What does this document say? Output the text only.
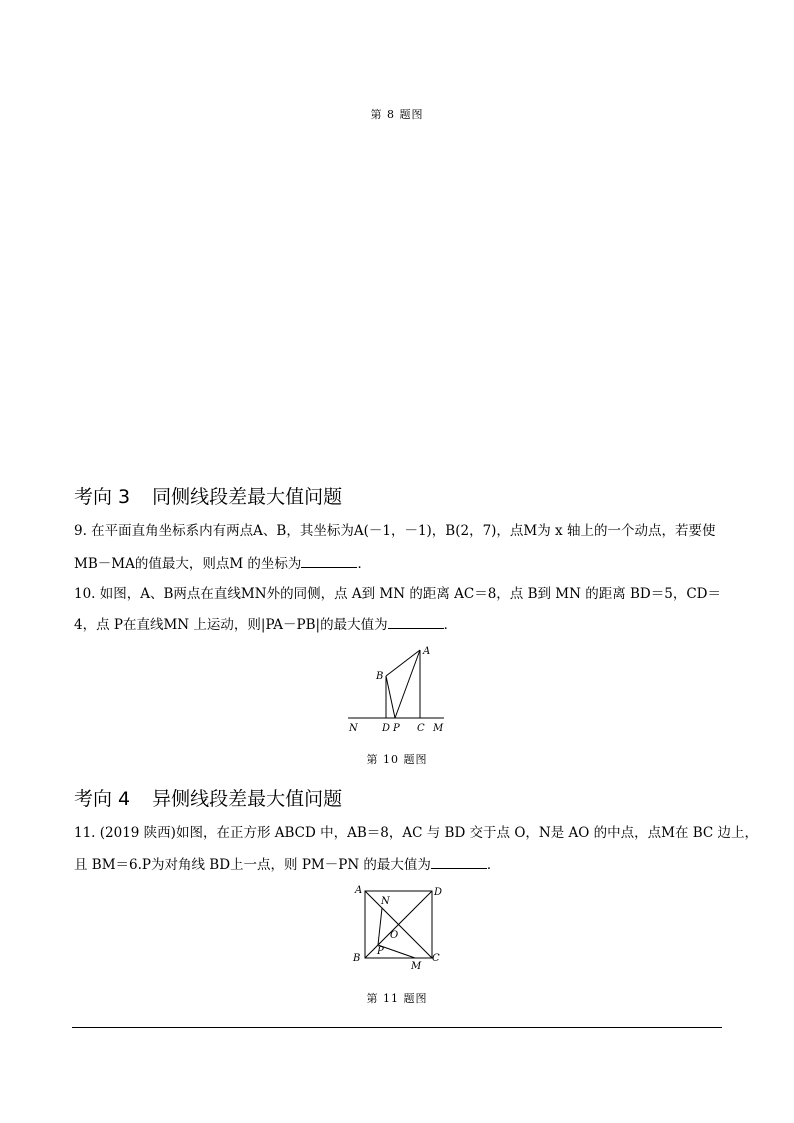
第 8 题图
考向 3 同侧线段差最大值问题
9. 在平面直角坐标系内有两点A、B，其坐标为A(－1，－1)，B(2，7)，点M为 x 轴上的一个动点，若要使
MB－MA的值最大，则点M 的坐标为	．
10. 如图，A、B两点在直线MN外的同侧，点 A到 MN 的距离 AC＝8，点 B到 MN 的距离 BD＝5，CD＝
4，点 P在直线MN 上运动，则|PA－PB|的最大值为	．
A
B
N D P C M
第 10 题图
考向 4 异侧线段差最大值问题
11. (2019 陕西)如图，在正方形 ABCD 中，AB＝8，AC 与 BD 交于点 O，N是 AO 的中点，点M在 BC 边上，
且 BM＝6.P为对角线 BD上一点，则 PM－PN 的最大值为	．
A	D
N
O
P
B	C
M
第 11 题图
